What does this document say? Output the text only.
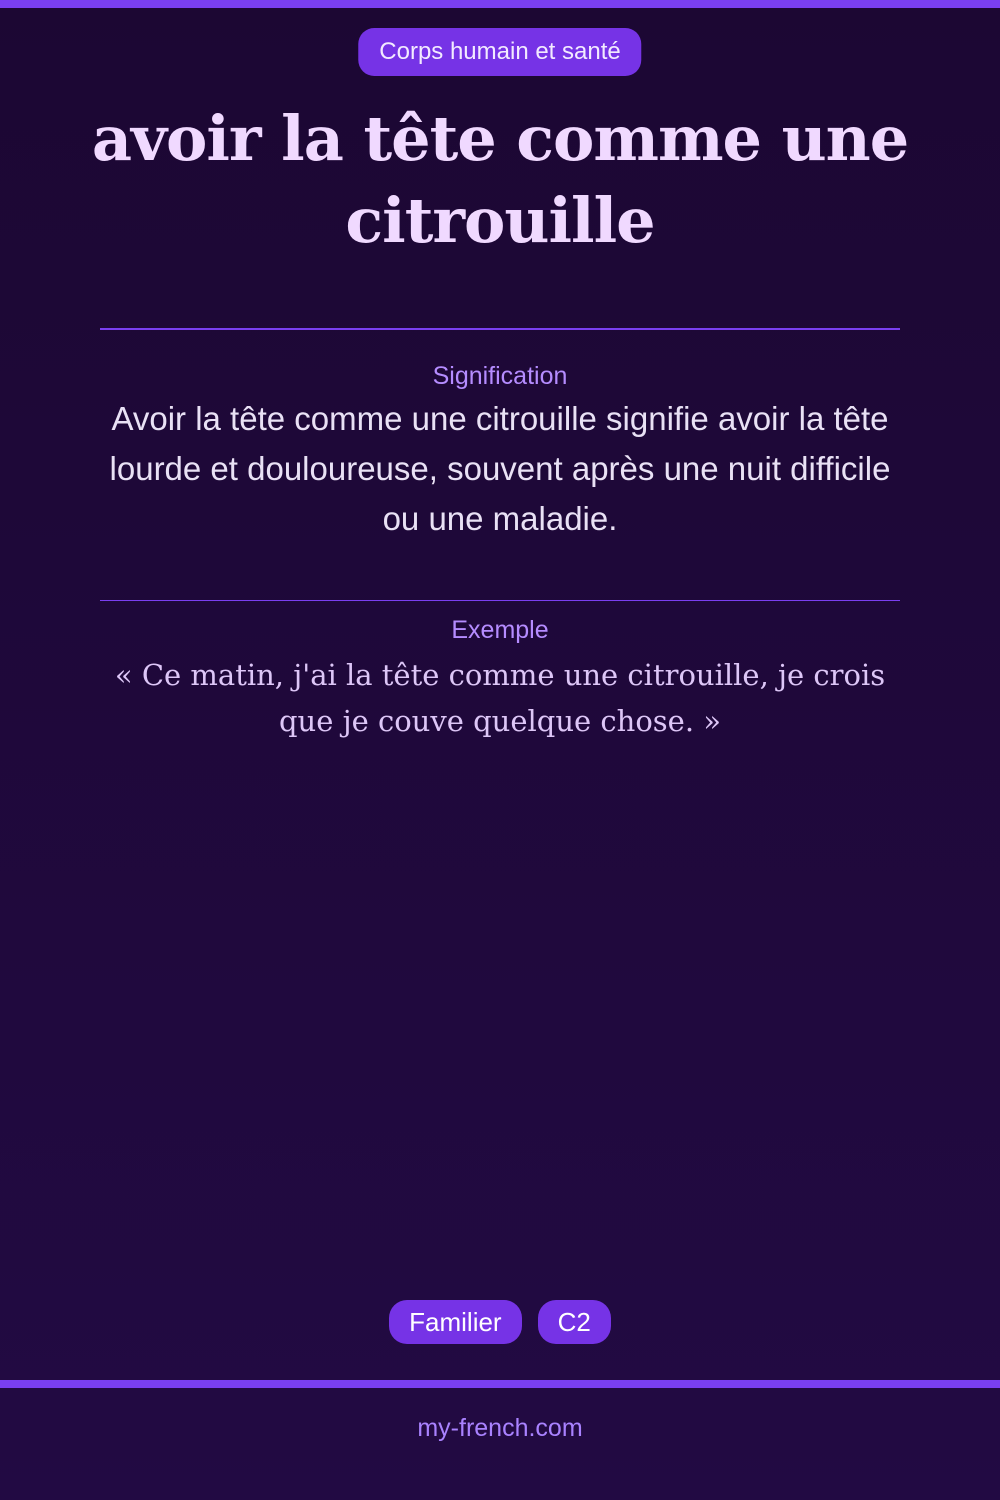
Corps humain et santé
avoir la tête comme une citrouille
Signification

Avoir la tête comme une citrouille signifie avoir la tête lourde et douloureuse, souvent après une nuit difficile ou une maladie.

Exemple

« Ce matin, j'ai la tête comme une citrouille, je crois que je couve quelque chose. »

Familier	C2
my-french.com
